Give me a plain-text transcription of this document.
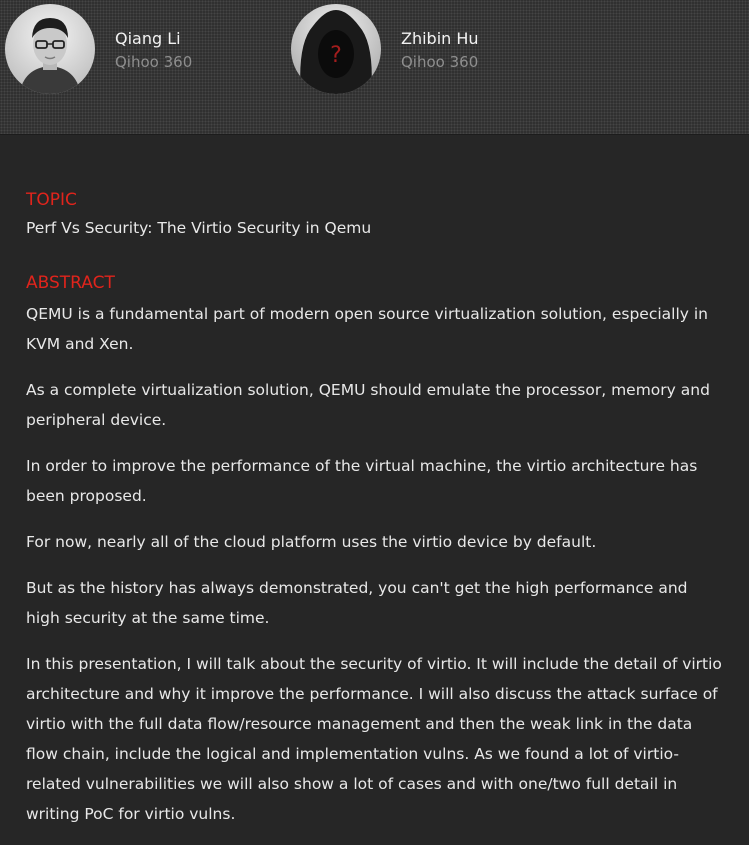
Qiang Li
Qihoo 360	?
Zhibin Hu
Qihoo 360
TOPIC
Perf Vs Security: The Virtio Security in Qemu
ABSTRACT

QEMU is a fundamental part of modern open source virtualization solution, especially in KVM and Xen.

As a complete virtualization solution, QEMU should emulate the processor, memory and peripheral device.

In order to improve the performance of the virtual machine, the virtio architecture has been proposed.

For now, nearly all of the cloud platform uses the virtio device by default.

But as the history has always demonstrated, you can't get the high performance and high security at the same time.

In this presentation, I will talk about the security of virtio. It will include the detail of virtio architecture and why it improve the performance. I will also discuss the attack surface of virtio with the full data flow/resource management and then the weak link in the data flow chain, include the logical and implementation vulns. As we found a lot of virtio-related vulnerabilities we will also show a lot of cases and with one/two full detail in writing PoC for virtio vulns.
